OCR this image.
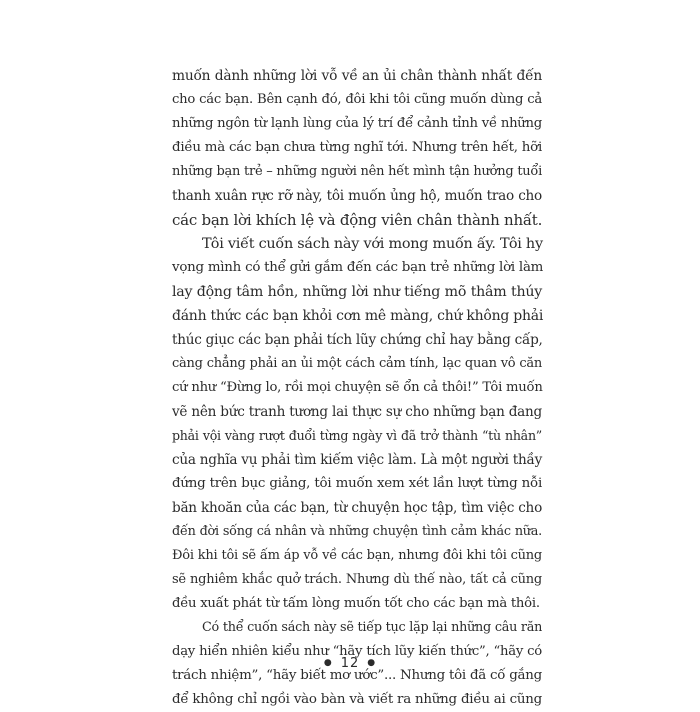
muốn dành những lời vỗ về an ủi chân thành nhất đến
cho các bạn. Bên cạnh đó, đôi khi tôi cũng muốn dùng cả
những ngôn từ lạnh lùng của lý trí để cảnh tỉnh về những
điều mà các bạn chưa từng nghĩ tới. Nhưng trên hết, hỡi
những bạn trẻ – những người nên hết mình tận hưởng tuổi
thanh xuân rực rỡ này, tôi muốn ủng hộ, muốn trao cho
các bạn lời khích lệ và động viên chân thành nhất.
Tôi viết cuốn sách này với mong muốn ấy. Tôi hy
vọng mình có thể gửi gắm đến các bạn trẻ những lời làm
lay động tâm hồn, những lời như tiếng mõ thâm thúy
đánh thức các bạn khỏi cơn mê màng, chứ không phải
thúc giục các bạn phải tích lũy chứng chỉ hay bằng cấp,
càng chẳng phải an ủi một cách cảm tính, lạc quan vô căn
cứ như “Đừng lo, rồi mọi chuyện sẽ ổn cả thôi!” Tôi muốn
vẽ nên bức tranh tương lai thực sự cho những bạn đang
phải vội vàng rượt đuổi từng ngày vì đã trở thành “tù nhân”
của nghĩa vụ phải tìm kiếm việc làm. Là một người thầy
đứng trên bục giảng, tôi muốn xem xét lần lượt từng nỗi
băn khoăn của các bạn, từ chuyện học tập, tìm việc cho
đến đời sống cá nhân và những chuyện tình cảm khác nữa.
Đôi khi tôi sẽ ấm áp vỗ về các bạn, nhưng đôi khi tôi cũng
sẽ nghiêm khắc quở trách. Nhưng dù thế nào, tất cả cũng
đều xuất phát từ tấm lòng muốn tốt cho các bạn mà thôi.
Có thể cuốn sách này sẽ tiếp tục lặp lại những câu răn
dạy hiển nhiên kiểu như “hãy tích lũy kiến thức”, “hãy có
trách nhiệm”, “hãy biết mơ ước”... Nhưng tôi đã cố gắng
để không chỉ ngồi vào bàn và viết ra những điều ai cũng
● 12 ●
